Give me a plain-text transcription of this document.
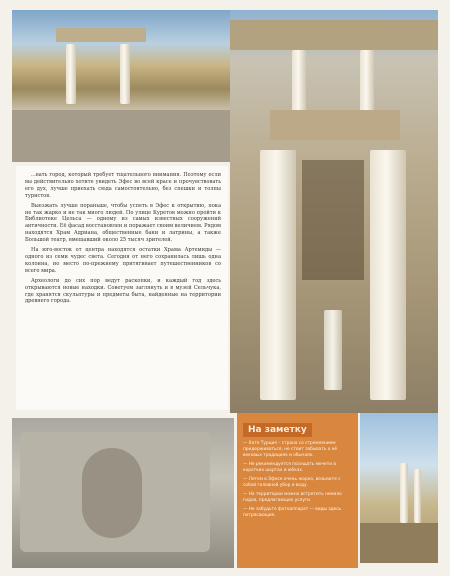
...вать город, который требует тщательного внимания. Поэтому если вы действительно хотите увидеть Эфес во всей красе и прочувствовать его дух, лучше приехать сюда самостоятельно, без спешки и толпы туристов.

Выезжать лучше пораньше, чтобы успеть в Эфес к открытию, пока не так жарко и не так много людей. По улице Куретов можно пройти к Библиотеке Цельса — одному из самых известных сооружений античности. Её фасад восстановлен и поражает своим величием. Рядом находятся Храм Адриана, общественные бани и латрины, а также Большой театр, вмещавший около 25 тысяч зрителей.

На юго-восток от центра находятся остатки Храма Артемиды — одного из семи чудес света. Сегодня от него сохранилась лишь одна колонна, но место по-прежнему притягивает путешественников со всего мира.

Археологи до сих пор ведут раскопки, и каждый год здесь открываются новые находки. Советуем заглянуть и в музей Сельчука, где хранятся скульптуры и предметы быта, найденные на территории древнего города.

На заметку

— Хотя Турция – страна со стремлением придерживаться, не стоит забывать о её вековых традициях и обычаях.

— Не рекомендуется посещать мечети в коротких шортах и юбках.

— Летом в Эфесе очень жарко, возьмите с собой головной убор и воду.

— На территории можно встретить немало гидов, предлагающих услуги.

— Не забудьте фотоаппарат — виды здесь потрясающие.
